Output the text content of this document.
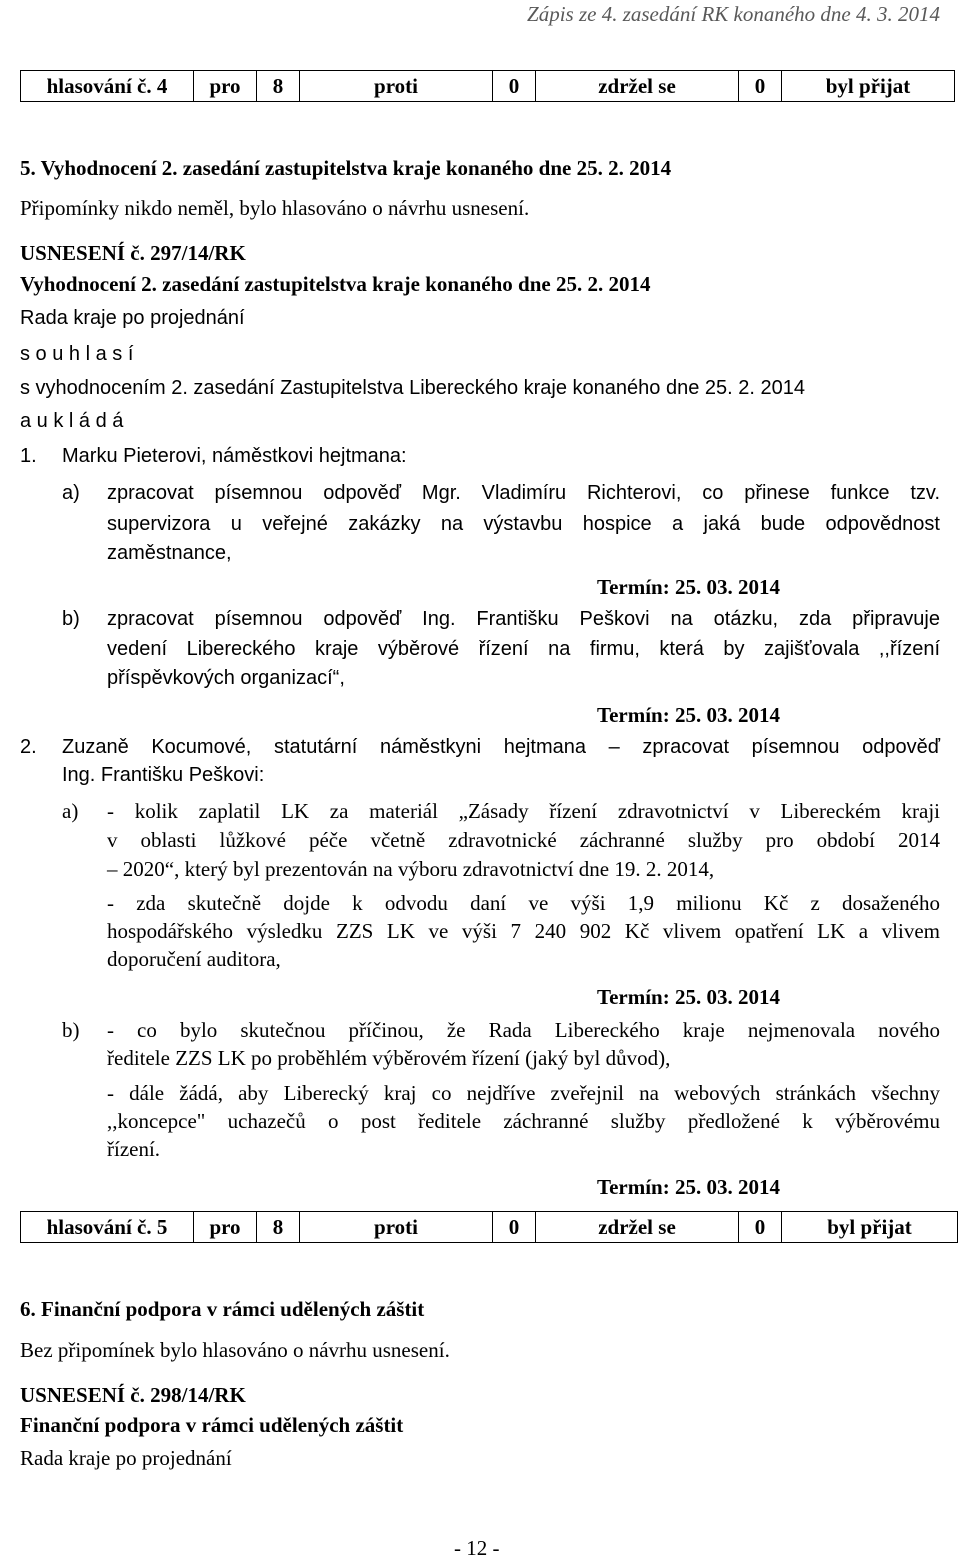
Zápis ze 4. zasedání RK konaného dne 4. 3. 2014
hlasování č. 4	pro	8	proti	0	zdržel se	0	byl přijat
5. Vyhodnocení 2. zasedání zastupitelstva kraje konaného dne 25. 2. 2014
Připomínky nikdo neměl, bylo hlasováno o návrhu usnesení.
USNESENÍ č. 297/14/RK
Vyhodnocení 2. zasedání zastupitelstva kraje konaného dne 25. 2. 2014
Rada kraje po projednání
s o u h l a s í
s vyhodnocením 2. zasedání Zastupitelstva Libereckého kraje konaného dne 25. 2. 2014
a u k l á d á
1. Marku Pieterovi, náměstkovi hejtmana:
a) zpracovat písemnou odpověď Mgr. Vladimíru Richterovi, co přinese funkce tzv.
supervizora u veřejné zakázky na výstavbu hospice a jaká bude odpovědnost
zaměstnance,
Termín: 25. 03. 2014
b) zpracovat písemnou odpověď Ing. Františku Peškovi na otázku, zda připravuje
vedení Libereckého kraje výběrové řízení na firmu, která by zajišťovala ,,řízení
příspěvkových organizací“,
Termín: 25. 03. 2014
2. Zuzaně Kocumové, statutární náměstkyni hejtmana – zpracovat písemnou odpověď
Ing. Františku Peškovi:
a) - kolik zaplatil LK za materiál „Zásady řízení zdravotnictví v Libereckém kraji
v oblasti lůžkové péče včetně zdravotnické záchranné služby pro období 2014
– 2020“, který byl prezentován na výboru zdravotnictví dne 19. 2. 2014,
- zda skutečně dojde k odvodu daní ve výši 1,9 milionu Kč z dosaženého
hospodářského výsledku ZZS LK ve výši 7 240 902 Kč vlivem opatření LK a vlivem
doporučení auditora,
Termín: 25. 03. 2014
b) - co bylo skutečnou příčinou, že Rada Libereckého kraje nejmenovala nového
ředitele ZZS LK po proběhlém výběrovém řízení (jaký byl důvod),
- dále žádá, aby Liberecký kraj co nejdříve zveřejnil na webových stránkách všechny
,,koncepce" uchazečů o post ředitele záchranné služby předložené k výběrovému
řízení.
Termín: 25. 03. 2014
hlasování č. 5	pro	8	proti	0	zdržel se	0	byl přijat
6. Finanční podpora v rámci udělených záštit
Bez připomínek bylo hlasováno o návrhu usnesení.
USNESENÍ č. 298/14/RK
Finanční podpora v rámci udělených záštit
Rada kraje po projednání
- 12 -
